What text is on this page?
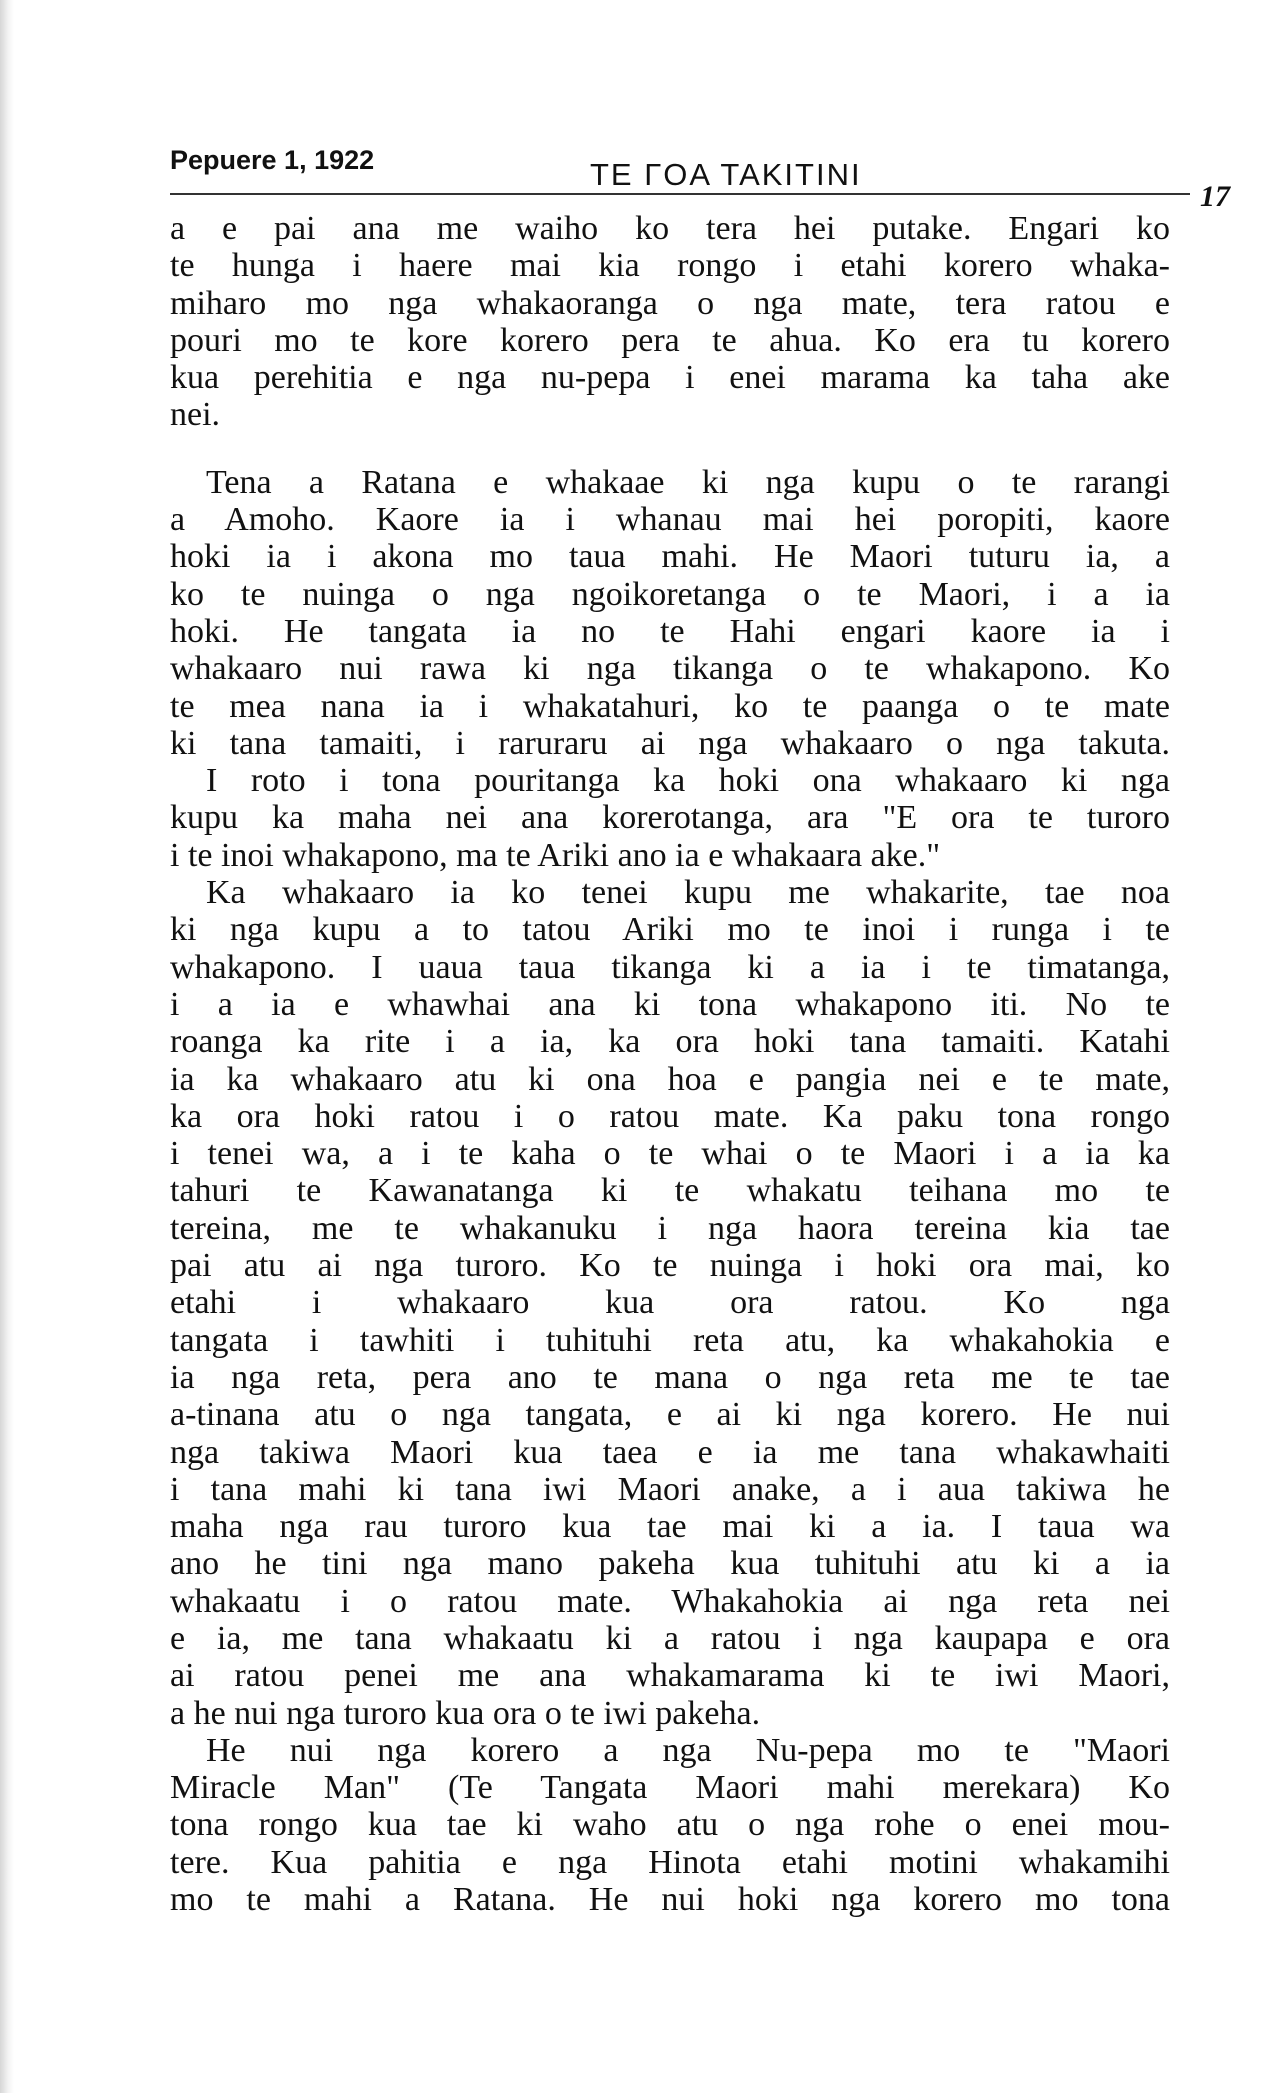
Pepuere 1, 1922	TE ΓOA TAKITINI
17
a e pai ana me waiho ko tera hei putake. Engari ko
te hunga i haere mai kia rongo i etahi korero whaka-
miharo mo nga whakaoranga o nga mate, tera ratou e
pouri mo te kore korero pera te ahua. Ko era tu korero
kua perehitia e nga nu-pepa i enei marama ka taha ake
nei.
Tena a Ratana e whakaae ki nga kupu o te rarangi
a Amoho. Kaore ia i whanau mai hei poropiti, kaore
hoki ia i akona mo taua mahi. He Maori tuturu ia, a
ko te nuinga o nga ngoikoretanga o te Maori, i a ia
hoki. He tangata ia no te Hahi engari kaore ia i
whakaaro nui rawa ki nga tikanga o te whakapono. Ko
te mea nana ia i whakatahuri, ko te paanga o te mate
ki tana tamaiti, i raruraru ai nga whakaaro o nga takuta.
I roto i tona pouritanga ka hoki ona whakaaro ki nga
kupu ka maha nei ana korerotanga, ara "E ora te turoro
i te inoi whakapono, ma te Ariki ano ia e whakaara ake."
Ka whakaaro ia ko tenei kupu me whakarite, tae noa
ki nga kupu a to tatou Ariki mo te inoi i runga i te
whakapono. I uaua taua tikanga ki a ia i te timatanga,
i a ia e whawhai ana ki tona whakapono iti. No te
roanga ka rite i a ia, ka ora hoki tana tamaiti. Katahi
ia ka whakaaro atu ki ona hoa e pangia nei e te mate,
ka ora hoki ratou i o ratou mate. Ka paku tona rongo
i tenei wa, a i te kaha o te whai o te Maori i a ia ka
tahuri te Kawanatanga ki te whakatu teihana mo te
tereina, me te whakanuku i nga haora tereina kia tae
pai atu ai nga turoro. Ko te nuinga i hoki ora mai, ko
etahi i whakaaro kua ora ratou. Ko nga
tangata i tawhiti i tuhituhi reta atu, ka whakahokia e
ia nga reta, pera ano te mana o nga reta me te tae
a-tinana atu o nga tangata, e ai ki nga korero. He nui
nga takiwa Maori kua taea e ia me tana whakawhaiti
i tana mahi ki tana iwi Maori anake, a i aua takiwa he
maha nga rau turoro kua tae mai ki a ia. I taua wa
ano he tini nga mano pakeha kua tuhituhi atu ki a ia
whakaatu i o ratou mate. Whakahokia ai nga reta nei
e ia, me tana whakaatu ki a ratou i nga kaupapa e ora
ai ratou penei me ana whakamarama ki te iwi Maori,
a he nui nga turoro kua ora o te iwi pakeha.
He nui nga korero a nga Nu-pepa mo te "Maori
Miracle Man" (Te Tangata Maori mahi merekara) Ko
tona rongo kua tae ki waho atu o nga rohe o enei mou-
tere. Kua pahitia e nga Hinota etahi motini whakamihi
mo te mahi a Ratana. He nui hoki nga korero mo tona
